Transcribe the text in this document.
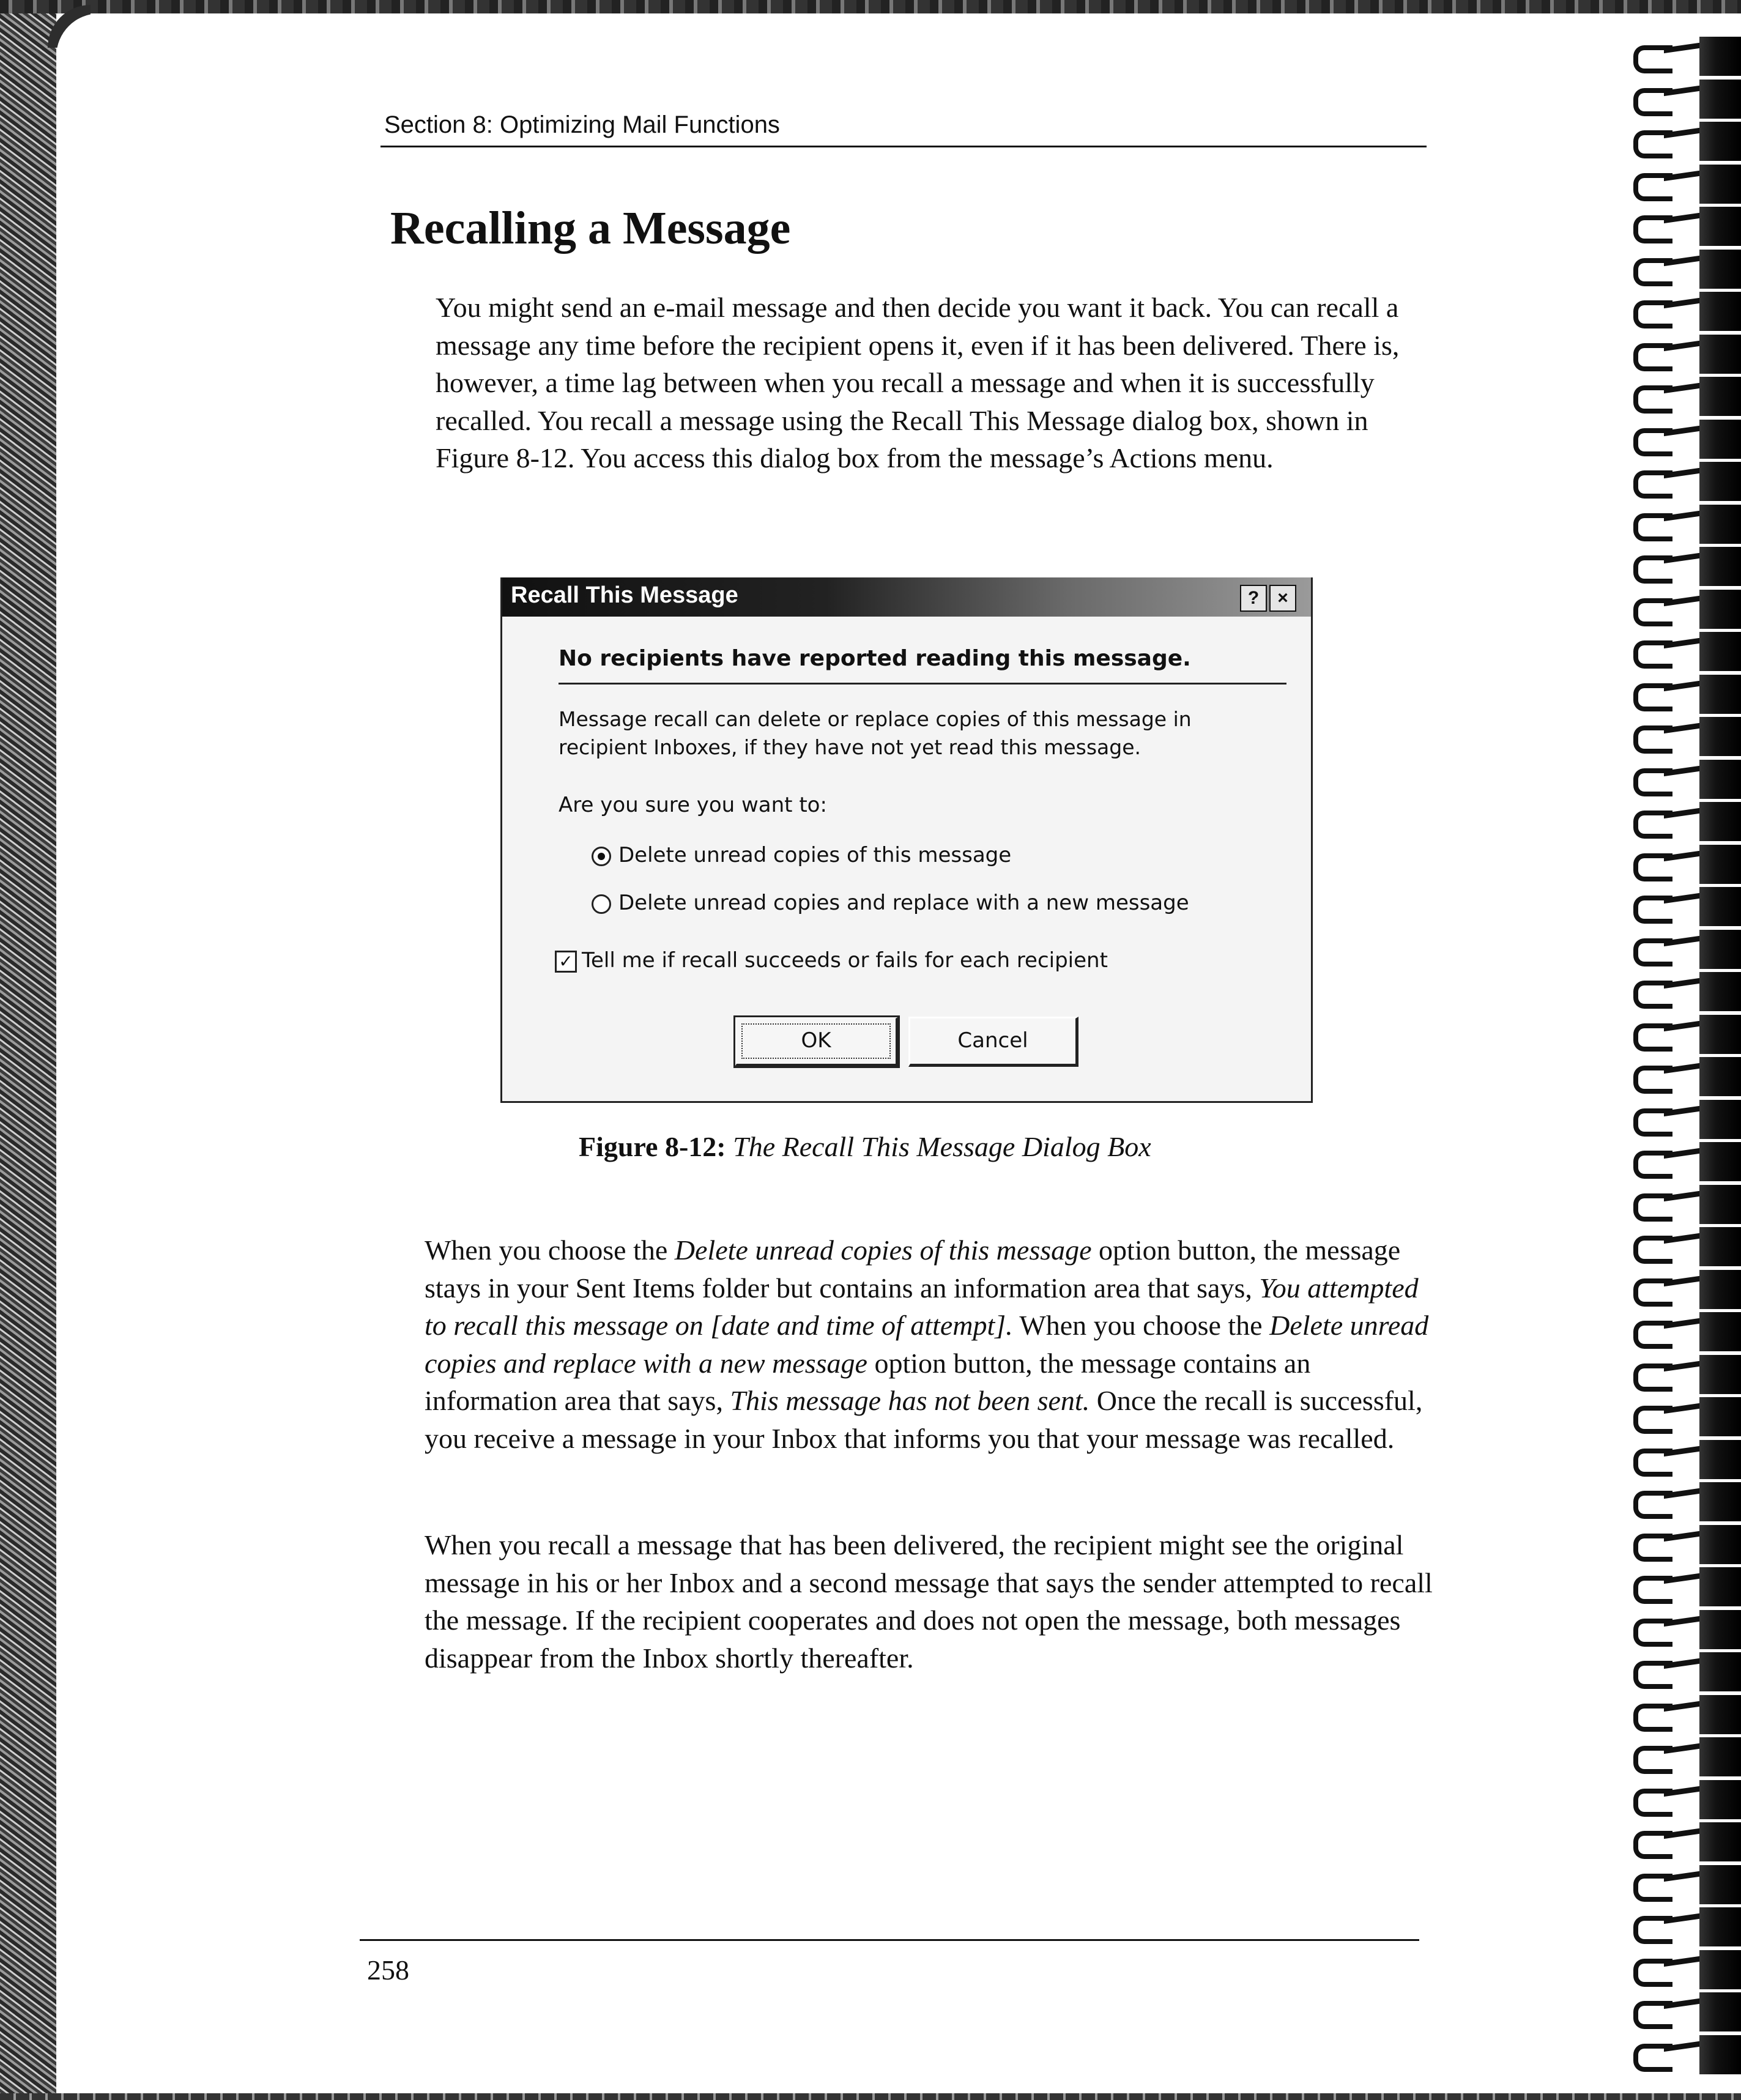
Section 8: Optimizing Mail Functions
Recalling a Message

You might send an e-mail message and then decide you want it back. You can recall a message any time before the recipient opens it, even if it has been delivered. There is, however, a time lag between when you recall a message and when it is successfully recalled. You recall a message using the Recall This Message dialog box, shown in Figure 8-12. You access this dialog box from the message’s Actions menu.

Recall This Message	?	×
No recipients have reported reading this message.
Message recall can delete or replace copies of this message in
recipient Inboxes, if they have not yet read this message.
Are you sure you want to:
Delete unread copies of this message
Delete unread copies and replace with a new message
✓ Tell me if recall succeeds or fails for each recipient
OK	Cancel

Figure 8-12: The Recall This Message Dialog Box

When you choose the Delete unread copies of this message option button, the message stays in your Sent Items folder but contains an information area that says, You attempted to recall this message on [date and time of attempt]. When you choose the Delete unread copies and replace with a new message option button, the message contains an information area that says, This message has not been sent. Once the recall is successful, you receive a message in your Inbox that informs you that your message was recalled.

When you recall a message that has been delivered, the recipient might see the original message in his or her Inbox and a second message that says the sender attempted to recall the message. If the recipient cooperates and does not open the message, both messages disappear from the Inbox shortly thereafter.

258
